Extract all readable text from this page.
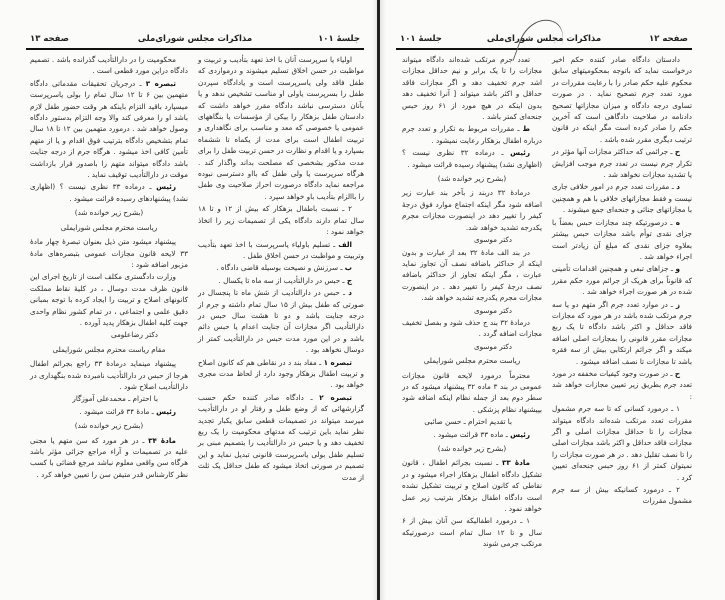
صفحه ۱۳	مذاکرات مجلس شورای‌ملی	جلسهٔ ۱۰۱

اولیاء یا سرپرست آنان با اخذ تعهد بتأدیب و تربیت و مواظبت در حسن اخلاق تسلیم میشوند و درمواردی که طفل فاقد ولی یاسرپرست است و یادادگاه سپردن طفل را بسرپرست یاولی او مناسب تشخیص ندهد و یا بآنان دسترسی نباشد دادگاه مقرر خواهد داشت که دادستان طفل بزهکار را بیکی از مؤسسات یا بنگاههای عمومی یا خصوصی که معد و مناسب برای نگاهداری و تربیت اطفال است برای مدت از یکماه تا ششماه بسپارد و یا اقدام و نظارت در حسن تربیت طفل را برای مدت مذکور بشخصی که مصلحت بداند واگذار کند . هرگاه سرپرست یا ولی طفل که بااو دسترسی نبوده مراجعه نماید دادگاه درصورت احراز صلاحیت وی طفل را باالزام بتأدیب باو خواهد سپرد .

۲ ـ نسبت باطفال بزهکار که بیش از ۱۲ و تا ۱۸ سال تمام دارند دادگاه یکی از تصمیمات زیر را اتخاذ خواهد نمود :

الف ـ تسلیم باولیاء یاسرپرست با اخذ تعهد بتأدیب وتربیت و مواظبت در حسن اخلاق طفل .

ب ـ سرزنش و نصیحت بوسیله قاضی دادگاه .

ج ـ حبس در دارالتأدیب از سه ماه تا یکسال .

د ـ حبس در دارالتأدیب از شش ماه تا پنجسال در صورتی که طفل بیش از ۱۵ سال تمام داشته و جرم از درجه جنایت باشد و دو تا هشت سال حبس در دارالتأدیب اگر مجازات آن جنایت اعدام یا حبس دائم باشد و در این مورد مدت حبس در دارالتأدیب کمتر از دوسال نخواهد بود .

تبصره ۱ ـ مفاد بند د در نقاطی هم که کانون اصلاح و تربیت اطفال بزهکار وجود دارد از لحاظ مدت مجری خواهد بود .

تبصره ۲ ـ دادگاه صادر کننده حکم حسب گزارشهائی که از وضع طفل و رفتار او در دارالتأدیب میرسد میتواند در تصمیمات قطعی سابق یکبار تجدید نظر نماید باین ترتیب که مدتهای محکومیت را یک ربع تخفیف دهد و یا حبس در دارالتأدیب را بتصمیم مبنی بر تسلیم طفل بولی یاسرپرست قانونی تبدیل نماید و این تصمیم در صورتی اتخاذ میشود که طفل حداقل یک ثلث از مدت

محکومیت را در دارالتأدیب گذرانده باشد . تصمیم دادگاه دراین مورد قطعی است .

تبصره ۳ ـ درجریان تحقیقات مقدماتی دادگاه متهمین بین ۶ تا ۱۲ سال تمام را بولی یاسرپرست میسپارد باقید التزام باینکه هر وقت حضور طفل لازم باشد او را معرفی کند والا وجه التزام بدستور دادگاه وصول خواهد شد . درمورد متهمین بین ۱۲ تا ۱۸ سال تمام بتشخیص دادگاه بترتیب فوق اقدام و یا از متهم تأمین کافی اخذ میشود . هرگاه جرم از درجه جنایت باشد دادگاه میتواند متهم را باصدور قرار بازداشت موقت در دارالتأدیب توقیف نماید .

رئیس ـ درماده ۳۳ نظری نیست ؟ (اظهاری نشد) پیشنهادهای رسیده قرائت میشود .

(بشرح زیر خوانده شد)

ریاست محترم مجلس شورایملی

پیشنهاد میشود متن ذیل بعنوان تبصرهٔ چهار مادهٔ ۳۳ لایحه قانون مجازات عمومی بتبصره‌های مادهٔ مزبور اضافه شود :

وزارت دادگستری مکلف است از تاریخ اجرای این قانون ظرف مدت دوسال ، در کلیهٔ نقاط مملکت کانونهای اصلاح و تربیت را ایجاد کرده با توجه بمبانی دقیق علمی و اجتماعی ، در تمام کشور نظام واحدی جهت کلیه اطفال بزهکار پدید آورده .

دکتر رضاعلومی

مقام ریاست محترم مجلس شورایملی

پیشنهاد مینماید درمادهٔ ۳۳ راجع بجرائم اطفال هرجا از حبس در دارالتأدیب نامبرده شده بنگهداری در دارالتأدیب اصلاح شود .

با احترام ـ محمدعلی آموزگار

رئیس ـ مادهٔ ۳۴ قرائت میشود .

(بشرح زیر خوانده شد)

مادهٔ ۳۴ ـ در هر مورد که سن متهم یا مجنی علیه در تصمیمات و آراء مراجع جزائی مؤثر باشد هرگاه سن واقعی معلوم نباشد مرجع قضائی با کسب نظر کارشناس قدر متیقن سن را تعیین خواهد کرد .

جلسهٔ ۱۰۱	مذاکرات مجلس شورای‌ملی	صفحه ۱۲

دادستان دادگاه صادر کننده حکم اخیر درخواست نماید که باتوجه بمحکومیتهای سابق محکوم علیه حکم صادر را با رعایت مقررات در مورد تعدد جرم تصحیح نماید . در صورت تساوی درجه دادگاه و میزان مجازاتها تصحیح دادنامه در صلاحیت دادگاهی است که آخرین حکم را صادر کرده است مگر اینکه در قانون ترتیب دیگری مقرر شده باشد .

ح ـ جرائمی که حداکثر مجازات آنها مؤثر در تکرار جرم نیست در تعدد جرم موجب افزایش یا تشدید مجازات نخواهد شد .

د ـ مقررات تعدد جرم در امور خلافی جاری نیست و فقط مجازاتهای خلافی با هم و همچنین با مجازاتهای جنائی و جنحه‌ای جمع میشوند .

ه ـ درصورتیکه چند مجازات حبس بعضاً با جزای نقدی توأم باشد مجازات حبس بیشتر بعلاوه جزای نقدی که مبلغ آن زیادتر است اجراء خواهد شد .

و ـ جزاهای تبعی و همچنین اقدامات تأمینی که قانوناً برای هریک از جرائم مورد حکم مقرر شده در هر صورت اجراء خواهد شد .

ز ـ در موارد تعدد جرم اگر متهم دو یا سه جرم مرتکب شده باشد در هر مورد که مجازات فاقد حداقل و اکثر باشد دادگاه تا یک ربع مجازات مقرر قانونی را بمجازات اصلی اضافه میکند و اگر جرائم ارتکابی بیش از سه فقره باشد تا مجازات تا نصف اضافه میشود .

ح ـ در صورت وجود کیفیات مخففه در مورد تعدد جرم بطریق زیر تعیین مجازات خواهد شد :

۱ ـ درمورد کسانی که تا سه جرم مشمول مقررات تعدد مرتکب شده‌اند دادگاه میتواند مجازات را تا حداقل مجازات اصلی و اگر مجازات فاقد حداقل و اکثر باشد مجازات اصلی را تا نصف تقلیل دهد . در هر صورت مجازات را نمیتوان کمتر از ۶۱ روز حبس جنحه‌ای تعیین کرد .

۲ ـ درمورد کسانیکه بیش از سه جرم مشمول مقررات

تعدد جرم مرتکب شده‌اند دادگاه میتواند مجازات را تا یک برابر و نیم حداقل مجازات اشد جرم تخفیف دهد و اگر مجازات فاقد حداقل و اکثر باشد میتواند [ آنرا تخفیف دهد بدون اینکه در هیچ مورد از ۶۱ روز حبس جنحه‌ای کمتر باشد .

ط ـ مقررات مربوط به تکرار و تعدد جرم درباره اطفال بزهکار رعایت نمیشود .

رئیس ـ درماده ۳۲ نظری نیست ؟ (اظهاری نشد) پیشنهاد رسیده قرائت میشود .

(بشرح زیر خوانده شد)

درمادهٔ ۳۲ دربند ز بآخر بند عبارت زیر اضافه شود مگر اینکه اجتماع موارد فوق درجهٔ کیفر را تغییر دهد در اینصورت مجازات مجرم یکدرجه تشدید خواهد شد.

دکتر موسوی

در بند الف مادهٔ ۳۲ بعد از عبارت و بدون اینکه از حداکثر باضافه نصف آن تجاوز نماید عبارت ، مگر اینکه تجاوز از حداکثر باضافه نصف درجهٔ کیفر را تغییر دهد . در اینصورت مجازات مجرم یکدرجه تشدید خواهد شد.

دکتر موسوی

درمادهٔ ۳۲ بند ج حذف شود و بفصل تخفیف مجازات اضافه گردد .

دکتر موسوی

ریاست محترم مجلس شورایملی

محترماً درمورد لایحه قانون مجازات عمومی در بند ۳ ماده ۳۲ پیشنهاد میشود که در سطر دوم بعد از جمله نظام اینکه اضافه شود بپیشنهاد نظام پزشکی .

با تقدیم احترام ـ حسن صائبی

رئیس ـ ماده ۳۳ قرائت میشود .

(بشرح زیر خوانده شد)

مادهٔ ۳۳ ـ نسبت بجرائم اطفال ، قانون تشکیل دادگاه اطفال بزهکار اجراء میشود و در نقاطی که کانون اصلاح و تربیت تشکیل نشده است دادگاه اطفال بزهکار بترتیب زیر عمل خواهد نمود .

۱ ـ درمورد اطفالیکه سن آنان بیش از ۶ سال و تا ۱۲ سال تمام است درصورتیکه مرتکب جرمی شوند
